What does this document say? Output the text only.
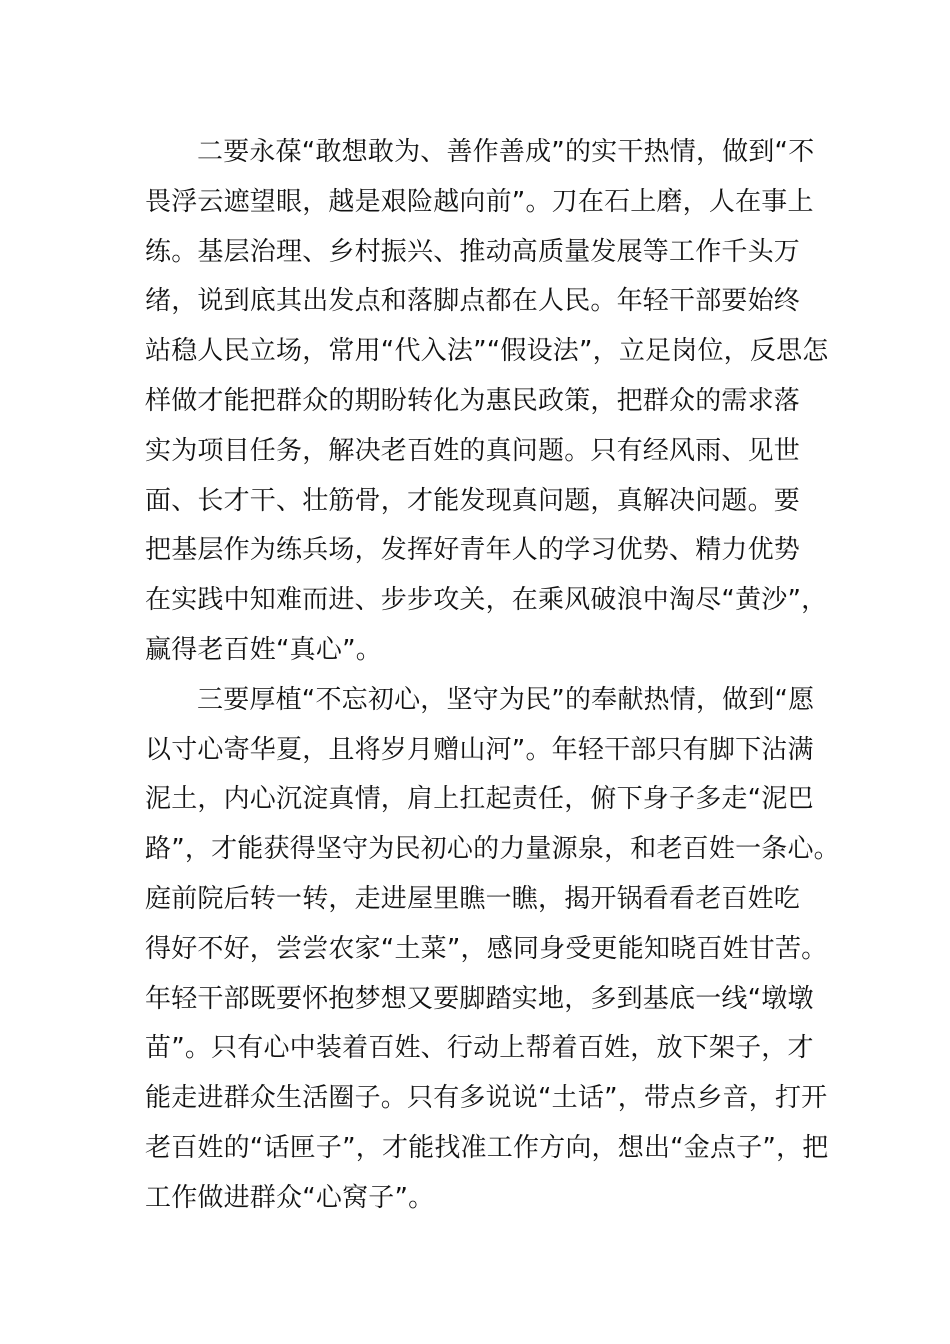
二要永葆“敢想敢为、善作善成”的实干热情，做到“不
畏浮云遮望眼，越是艰险越向前”。刀在石上磨，人在事上
练。基层治理、乡村振兴、推动高质量发展等工作千头万
绪，说到底其出发点和落脚点都在人民。年轻干部要始终
站稳人民立场，常用“代入法”“假设法”，立足岗位，反思怎
样做才能把群众的期盼转化为惠民政策，把群众的需求落
实为项目任务，解决老百姓的真问题。只有经风雨、见世
面、长才干、壮筋骨，才能发现真问题，真解决问题。要
把基层作为练兵场，发挥好青年人的学习优势、精力优势
在实践中知难而进、步步攻关，在乘风破浪中淘尽“黄沙”，
赢得老百姓“真心”。
三要厚植“不忘初心，坚守为民”的奉献热情，做到“愿
以寸心寄华夏，且将岁月赠山河”。年轻干部只有脚下沾满
泥土，内心沉淀真情，肩上扛起责任，俯下身子多走“泥巴
路”，才能获得坚守为民初心的力量源泉，和老百姓一条心。
庭前院后转一转，走进屋里瞧一瞧，揭开锅看看老百姓吃
得好不好，尝尝农家“土菜”，感同身受更能知晓百姓甘苦。
年轻干部既要怀抱梦想又要脚踏实地，多到基底一线“墩墩
苗”。只有心中装着百姓、行动上帮着百姓，放下架子，才
能走进群众生活圈子。只有多说说“土话”，带点乡音，打开
老百姓的“话匣子”，才能找准工作方向，想出“金点子”，把
工作做进群众“心窝子”。
